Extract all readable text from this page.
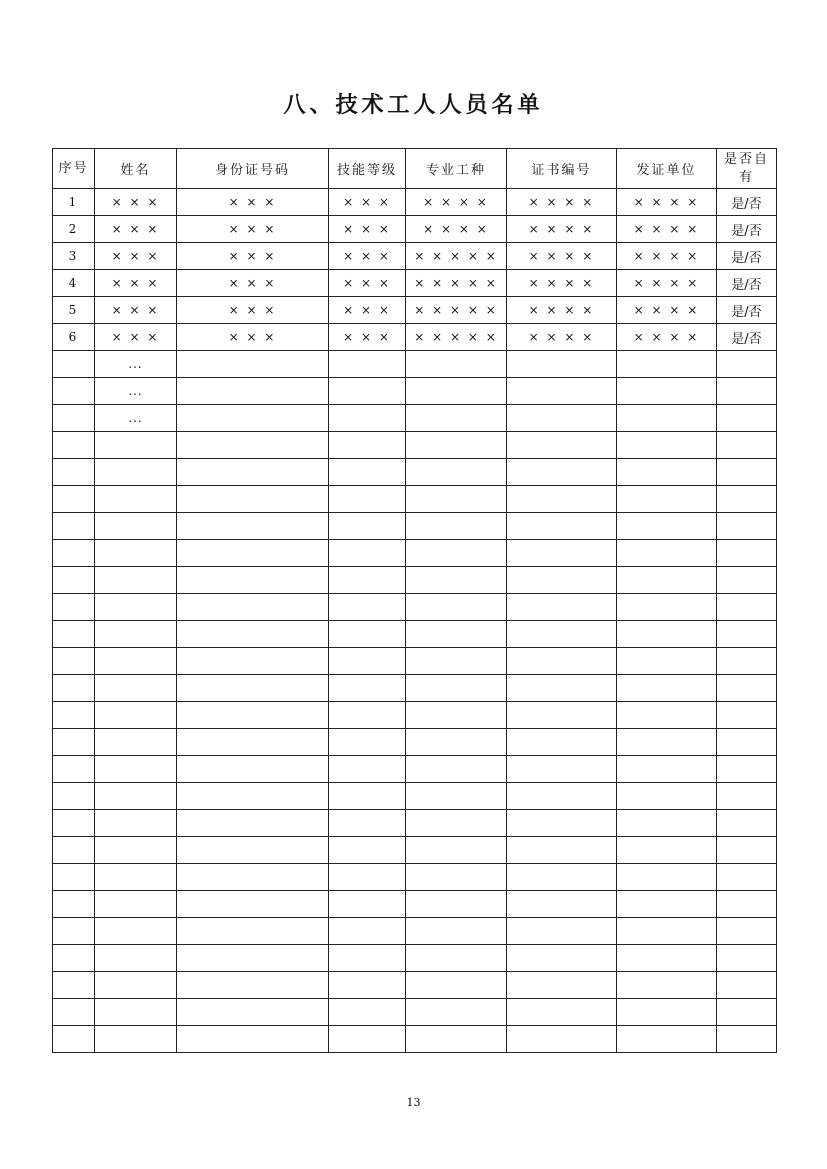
八、技术工人人员名单
序号	姓名	身份证号码	技能等级	专业工种	证书编号	发证单位	是否自有

1	× × ×	× × ×	× × ×	× × × ×	× × × ×	× × × ×	是/否
2	× × ×	× × ×	× × ×	× × × ×	× × × ×	× × × ×	是/否
3	× × ×	× × ×	× × ×	× × × × ×	× × × ×	× × × ×	是/否
4	× × ×	× × ×	× × ×	× × × × ×	× × × ×	× × × ×	是/否
5	× × ×	× × ×	× × ×	× × × × ×	× × × ×	× × × ×	是/否
6	× × ×	× × ×	× × ×	× × × × ×	× × × ×	× × × ×	是/否
	...						
	...						
	...						

13
